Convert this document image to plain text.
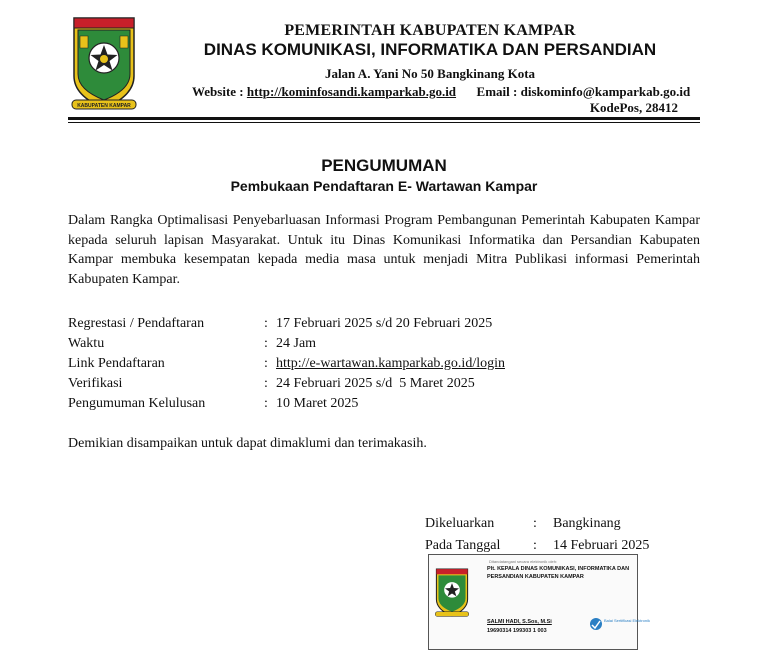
KABUPATEN KAMPAR
PEMERINTAH KABUPATEN KAMPAR
DINAS KOMUNIKASI, INFORMATIKA DAN PERSANDIAN
Jalan A. Yani No 50 Bangkinang Kota
Website : http://kominfosandi.kamparkab.go.id Email : diskominfo@kamparkab.go.id
KodePos, 28412
PENGUMUMAN
Pembukaan Pendaftaran E- Wartawan Kampar
Dalam Rangka Optimalisasi Penyebarluasan Informasi Program Pembangunan Pemerintah Kabupaten Kampar kepada seluruh lapisan Masyarakat. Untuk itu Dinas Komunikasi Informatika dan Persandian Kabupaten Kampar membuka kesempatan kepada media masa untuk menjadi Mitra Publikasi informasi Pemerintah Kabupaten Kampar.
Regrestasi / Pendaftaran	: 17 Februari 2025 s/d 20 Februari 2025
Waktu	: 24 Jam
Link Pendaftaran	: http://e-wartawan.kamparkab.go.id/login
Verifikasi	: 24 Februari 2025 s/d  5 Maret 2025
Pengumuman Kelulusan	: 10 Maret 2025
Demikian disampaikan untuk dapat dimaklumi dan terimakasih.
Dikeluarkan	: Bangkinang
Pada Tanggal : 14 Februari 2025
Ditandatangani secara elektronik oleh:
Plt. KEPALA DINAS KOMUNIKASI, INFORMATIKA DAN PERSANDIAN KABUPATEN KAMPAR
SALMI HADI, S.Sos, M.Si
19690314 199303 1 003
Balai Sertifikasi Elektronik
